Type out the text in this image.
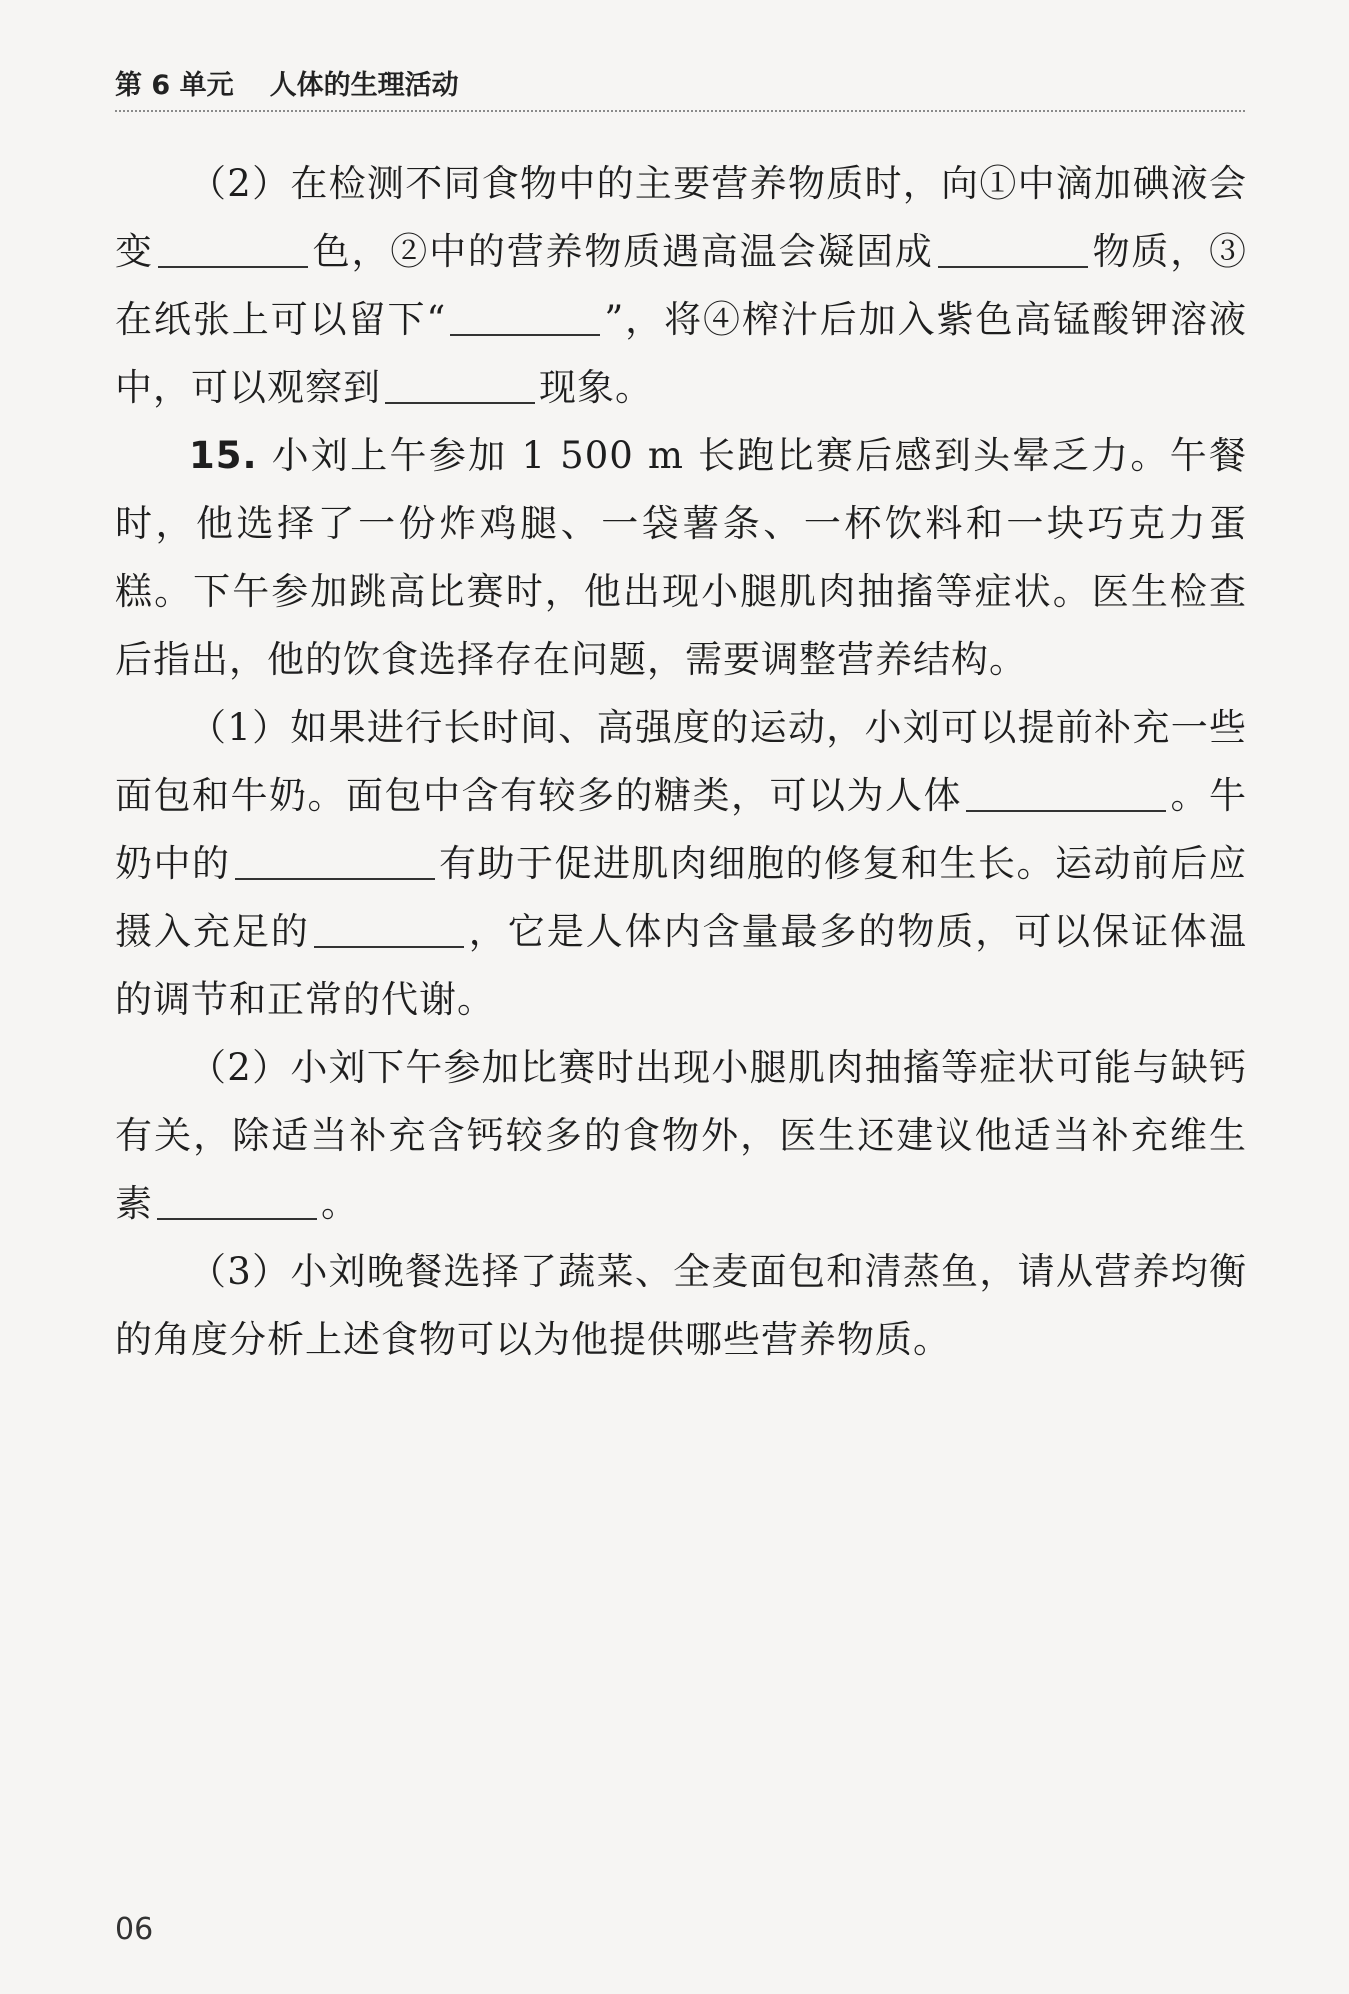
第 6 单元 人体的生理活动

（2）在检测不同食物中的主要营养物质时，向①中滴加碘液会变	色，②中的营养物质遇高温会凝固成	物质，③在纸张上可以留下“	”，将④榨汁后加入紫色高锰酸钾溶液中，可以观察到	现象。

15. 小刘上午参加 1 500 m 长跑比赛后感到头晕乏力。午餐时，他选择了一份炸鸡腿、一袋薯条、一杯饮料和一块巧克力蛋糕。下午参加跳高比赛时，他出现小腿肌肉抽搐等症状。医生检查后指出，他的饮食选择存在问题，需要调整营养结构。

（1）如果进行长时间、高强度的运动，小刘可以提前补充一些面包和牛奶。面包中含有较多的糖类，可以为人体	。牛奶中的	有助于促进肌肉细胞的修复和生长。运动前后应摄入充足的	，它是人体内含量最多的物质，可以保证体温的调节和正常的代谢。

（2）小刘下午参加比赛时出现小腿肌肉抽搐等症状可能与缺钙有关，除适当补充含钙较多的食物外，医生还建议他适当补充维生素	。

（3）小刘晚餐选择了蔬菜、全麦面包和清蒸鱼，请从营养均衡的角度分析上述食物可以为他提供哪些营养物质。

06
